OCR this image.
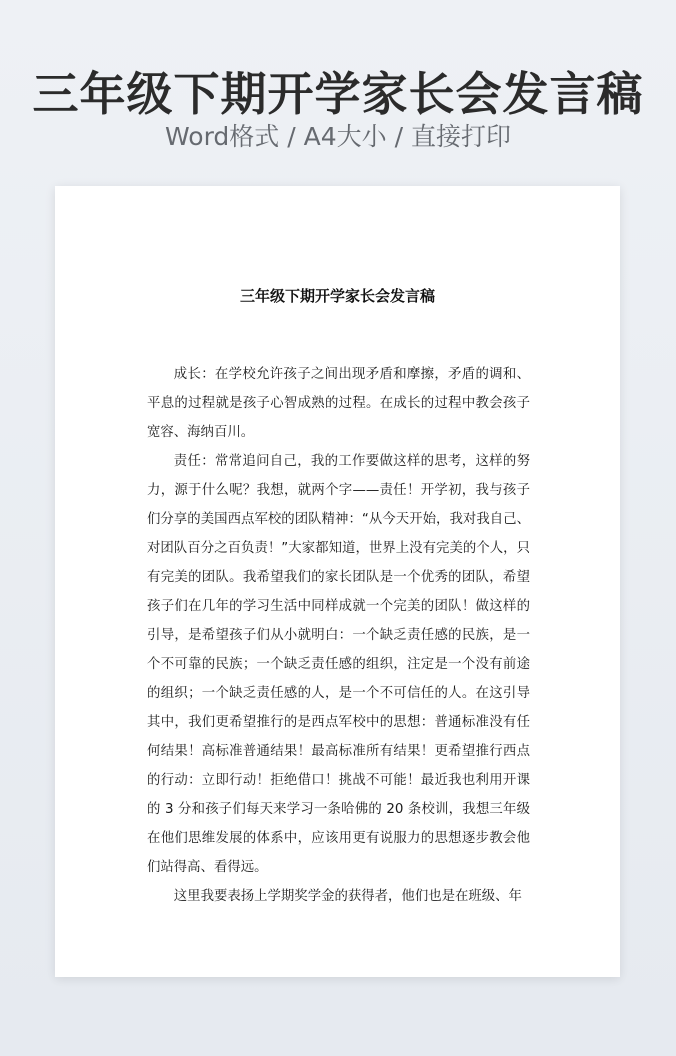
三年级下期开学家长会发言稿
Word格式 / A4大小 / 直接打印
三年级下期开学家长会发言稿

成长：在学校允许孩子之间出现矛盾和摩擦，矛盾的调和、平息的过程就是孩子心智成熟的过程。在成长的过程中教会孩子宽容、海纳百川。

责任：常常追问自己，我的工作要做这样的思考，这样的努力，源于什么呢？我想，就两个字——责任！开学初，我与孩子们分享的美国西点军校的团队精神：“从今天开始，我对我自己、对团队百分之百负责！”大家都知道，世界上没有完美的个人，只有完美的团队。我希望我们的家长团队是一个优秀的团队，希望孩子们在几年的学习生活中同样成就一个完美的团队！做这样的引导，是希望孩子们从小就明白：一个缺乏责任感的民族，是一个不可靠的民族；一个缺乏责任感的组织，注定是一个没有前途的组织；一个缺乏责任感的人，是一个不可信任的人。在这引导其中，我们更希望推行的是西点军校中的思想：普通标准没有任何结果！高标准普通结果！最高标准所有结果！更希望推行西点的行动：立即行动！拒绝借口！挑战不可能！最近我也利用开课的 3 分和孩子们每天来学习一条哈佛的 20 条校训，我想三年级在他们思维发展的体系中，应该用更有说服力的思想逐步教会他们站得高、看得远。

这里我要表扬上学期奖学金的获得者，他们也是在班级、年
